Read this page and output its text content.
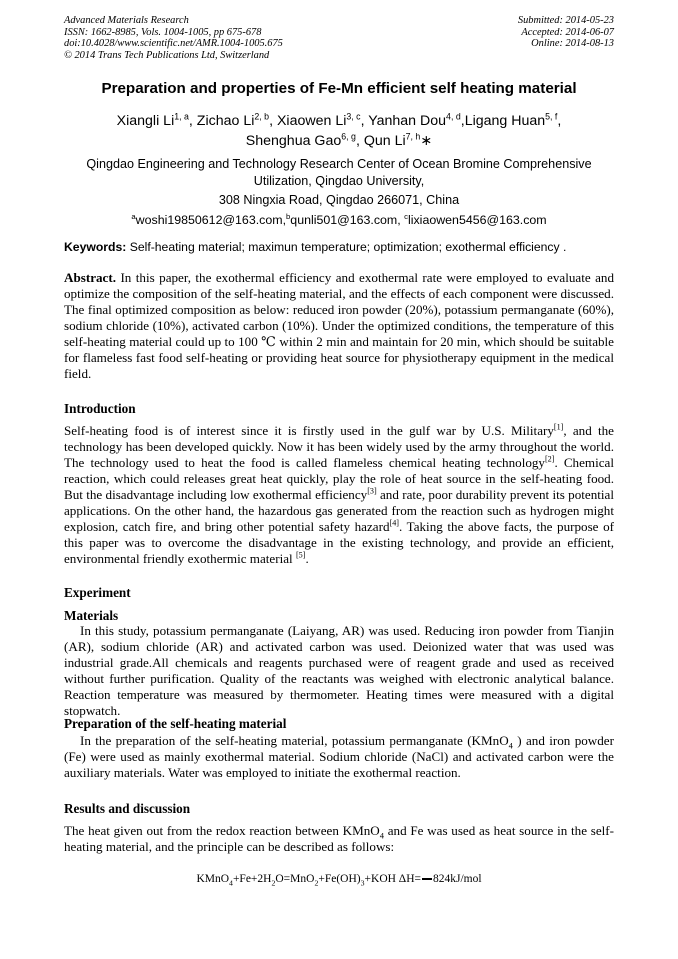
Advanced Materials Research
ISSN: 1662-8985, Vols. 1004-1005, pp 675-678
doi:10.4028/www.scientific.net/AMR.1004-1005.675
© 2014 Trans Tech Publications Ltd, Switzerland
Submitted: 2014-05-23
Accepted: 2014-06-07
Online: 2014-08-13
Preparation and properties of Fe-Mn efficient self heating material
Xiangli Li$^{1, a}$, Zichao Li$^{2, b}$, Xiaowen Li$^{3, c}$, Yanhan Dou$^{4, d}$,Ligang Huan$^{5, f}$,
Shenghua Gao$^{6, g}$, Qun Li$^{7, h}$∗
Qingdao Engineering and Technology Research Center of Ocean Bromine Comprehensive Utilization, Qingdao University,
308 Ningxia Road, Qingdao 266071, China
$^a$woshi19850612@163.com,$^b$qunli501@163.com, $^c$lixiaowen5456@163.com
Keywords: Self-heating material; maximun temperature; optimization; exothermal efficiency .
Abstract. In this paper, the exothermal efficiency and exothermal rate were employed to evaluate and optimize the composition of the self-heating material, and the effects of each component were discussed. The final optimized composition as below: reduced iron powder (20%), potassium permanganate (60%), sodium chloride (10%), activated carbon (10%). Under the optimized conditions, the temperature of this self-heating material could up to 100 ℃ within 2 min and maintain for 20 min, which should be suitable for flameless fast food self-heating or providing heat source for physiotherapy equipment in the medical field.
Introduction
Self-heating food is of interest since it is firstly used in the gulf war by U.S. Military[1], and the technology has been developed quickly. Now it has been widely used by the army throughout the world. The technology used to heat the food is called flameless chemical heating technology[2]. Chemical reaction, which could releases great heat quickly, play the role of heat source in the self-heating food. But the disadvantage including low exothermal efficiency[3] and rate, poor durability prevent its potential applications. On the other hand, the hazardous gas generated from the reaction such as hydrogen might explosion, catch fire, and bring other potential safety hazard[4]. Taking the above facts, the purpose of this paper was to overcome the disadvantage in the existing technology, and provide an efficient, environmental friendly exothermic material [5].
Experiment
Materials
In this study, potassium permanganate (Laiyang, AR) was used. Reducing iron powder from Tianjin (AR), sodium chloride (AR) and activated carbon was used. Deionized water that was used was industrial grade.All chemicals and reagents purchased were of reagent grade and used as received without further purification. Quality of the reactants was weighed with electronic analytical balance. Reaction temperature was measured by thermometer. Heating times were measured with a digital stopwatch.
Preparation of the self-heating material
In the preparation of the self-heating material, potassium permanganate (KMnO$_4$ ) and iron powder (Fe) were used as mainly exothermal material. Sodium chloride (NaCl) and activated carbon were the auxiliary materials. Water was employed to initiate the exothermal reaction.
Results and discussion
The heat given out from the redox reaction between KMnO$_4$ and Fe was used as heat source in the self-heating material, and the principle can be described as follows:
$KMnO_4+Fe+2H_2O=MnO_2+Fe(OH)_3+KOH$ ΔH= 824kJ/mol
